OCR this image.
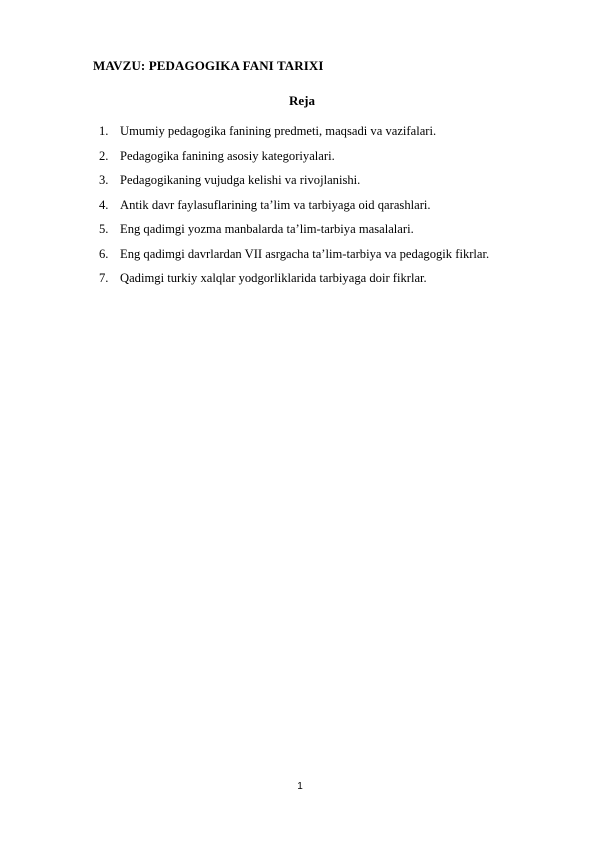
MAVZU: PEDAGOGIKA FANI TARIXI
Reja
1. Umumiy pedagogika fanining predmeti, maqsadi va vazifalari.
2. Pedagogika fanining asosiy kategoriyalari.
3. Pedagogikaning vujudga kelishi va rivojlanishi.
4. Antik davr faylasuflarining ta’lim va tarbiyaga oid qarashlari.
5. Eng qadimgi yozma manbalarda ta’lim-tarbiya masalalari.
6. Eng qadimgi davrlardan VII asrgacha ta’lim-tarbiya va pedagogik fikrlar.
7. Qadimgi turkiy xalqlar yodgorliklarida tarbiyaga doir fikrlar.
1
